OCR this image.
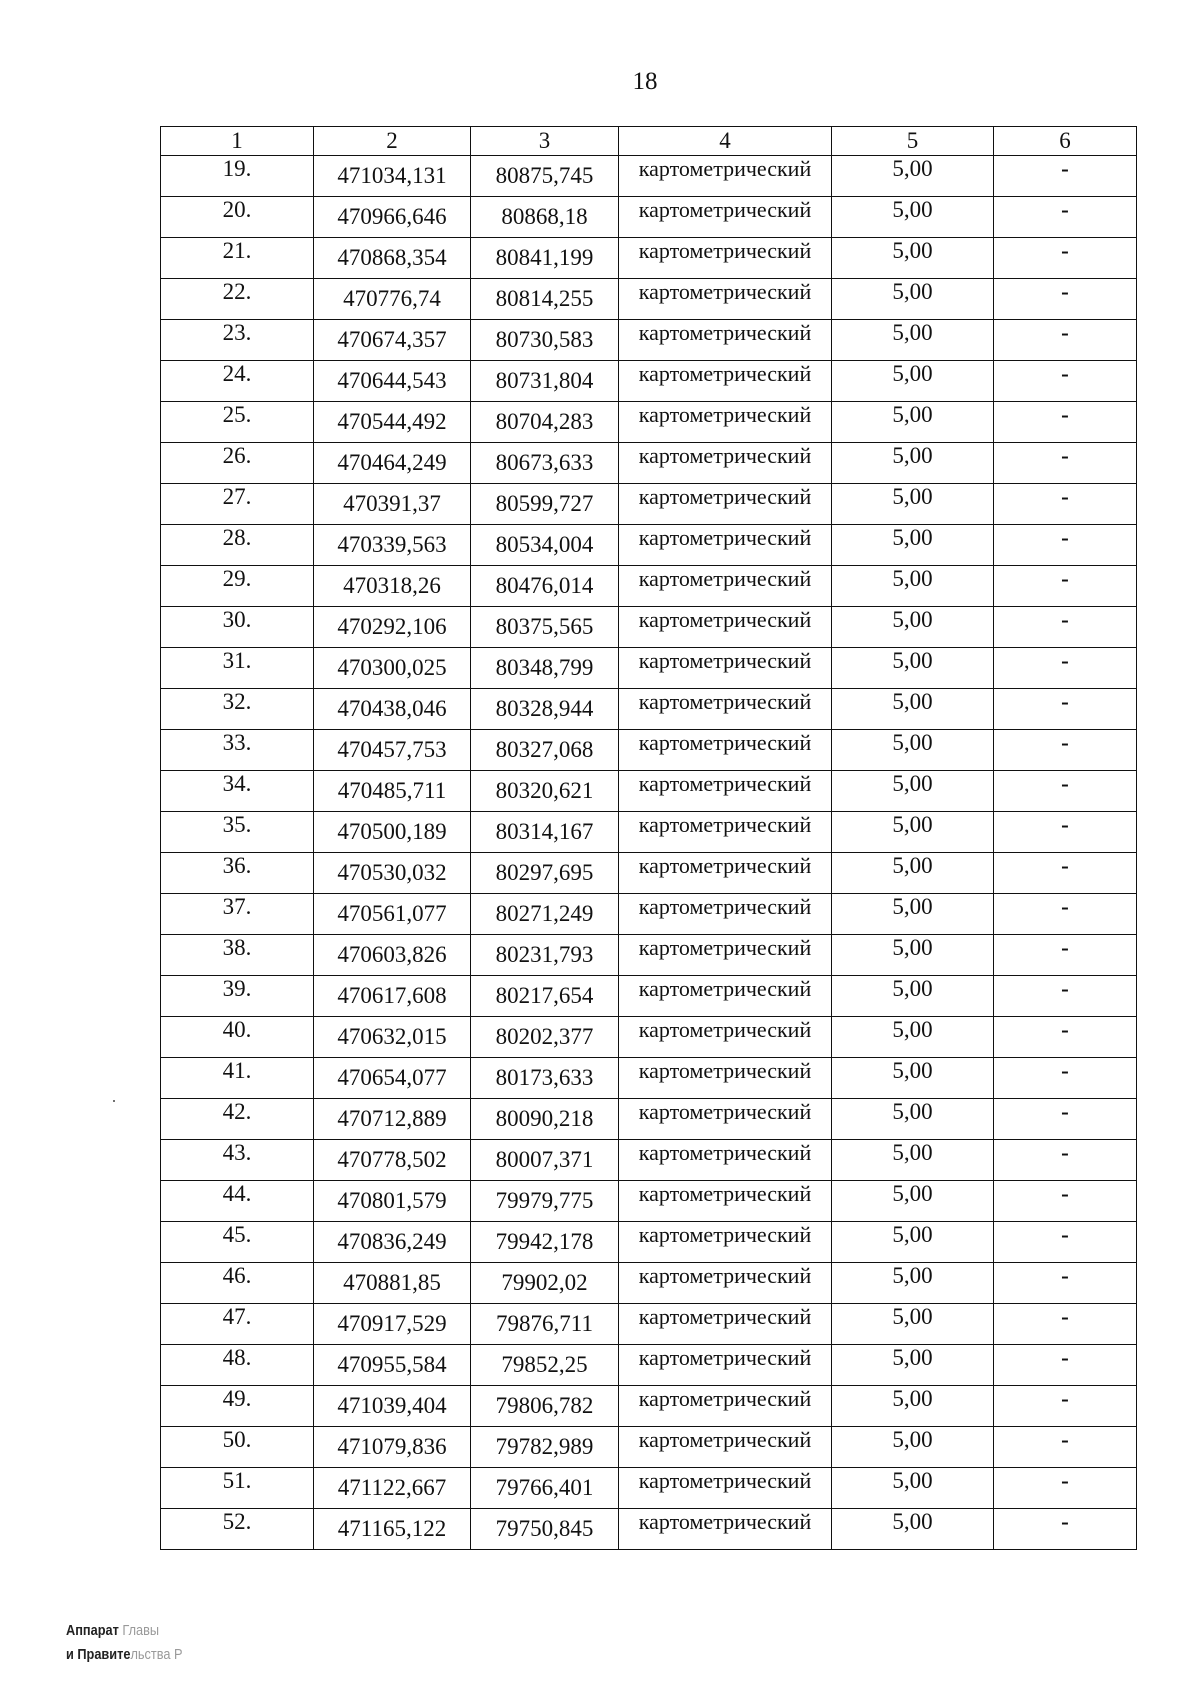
18
1	2	3	4	5	6
19.	471034,131	80875,745	картометрический	5,00	-
20.	470966,646	80868,18	картометрический	5,00	-
21.	470868,354	80841,199	картометрический	5,00	-
22.	470776,74	80814,255	картометрический	5,00	-
23.	470674,357	80730,583	картометрический	5,00	-
24.	470644,543	80731,804	картометрический	5,00	-
25.	470544,492	80704,283	картометрический	5,00	-
26.	470464,249	80673,633	картометрический	5,00	-
27.	470391,37	80599,727	картометрический	5,00	-
28.	470339,563	80534,004	картометрический	5,00	-
29.	470318,26	80476,014	картометрический	5,00	-
30.	470292,106	80375,565	картометрический	5,00	-
31.	470300,025	80348,799	картометрический	5,00	-
32.	470438,046	80328,944	картометрический	5,00	-
33.	470457,753	80327,068	картометрический	5,00	-
34.	470485,711	80320,621	картометрический	5,00	-
35.	470500,189	80314,167	картометрический	5,00	-
36.	470530,032	80297,695	картометрический	5,00	-
37.	470561,077	80271,249	картометрический	5,00	-
38.	470603,826	80231,793	картометрический	5,00	-
39.	470617,608	80217,654	картометрический	5,00	-
40.	470632,015	80202,377	картометрический	5,00	-
41.	470654,077	80173,633	картометрический	5,00	-
42.	470712,889	80090,218	картометрический	5,00	-
43.	470778,502	80007,371	картометрический	5,00	-
44.	470801,579	79979,775	картометрический	5,00	-
45.	470836,249	79942,178	картометрический	5,00	-
46.	470881,85	79902,02	картометрический	5,00	-
47.	470917,529	79876,711	картометрический	5,00	-
48.	470955,584	79852,25	картометрический	5,00	-
49.	471039,404	79806,782	картометрический	5,00	-
50.	471079,836	79782,989	картометрический	5,00	-
51.	471122,667	79766,401	картометрический	5,00	-
52.	471165,122	79750,845	картометрический	5,00	-
Аппарат Главы
и Правительства Р
